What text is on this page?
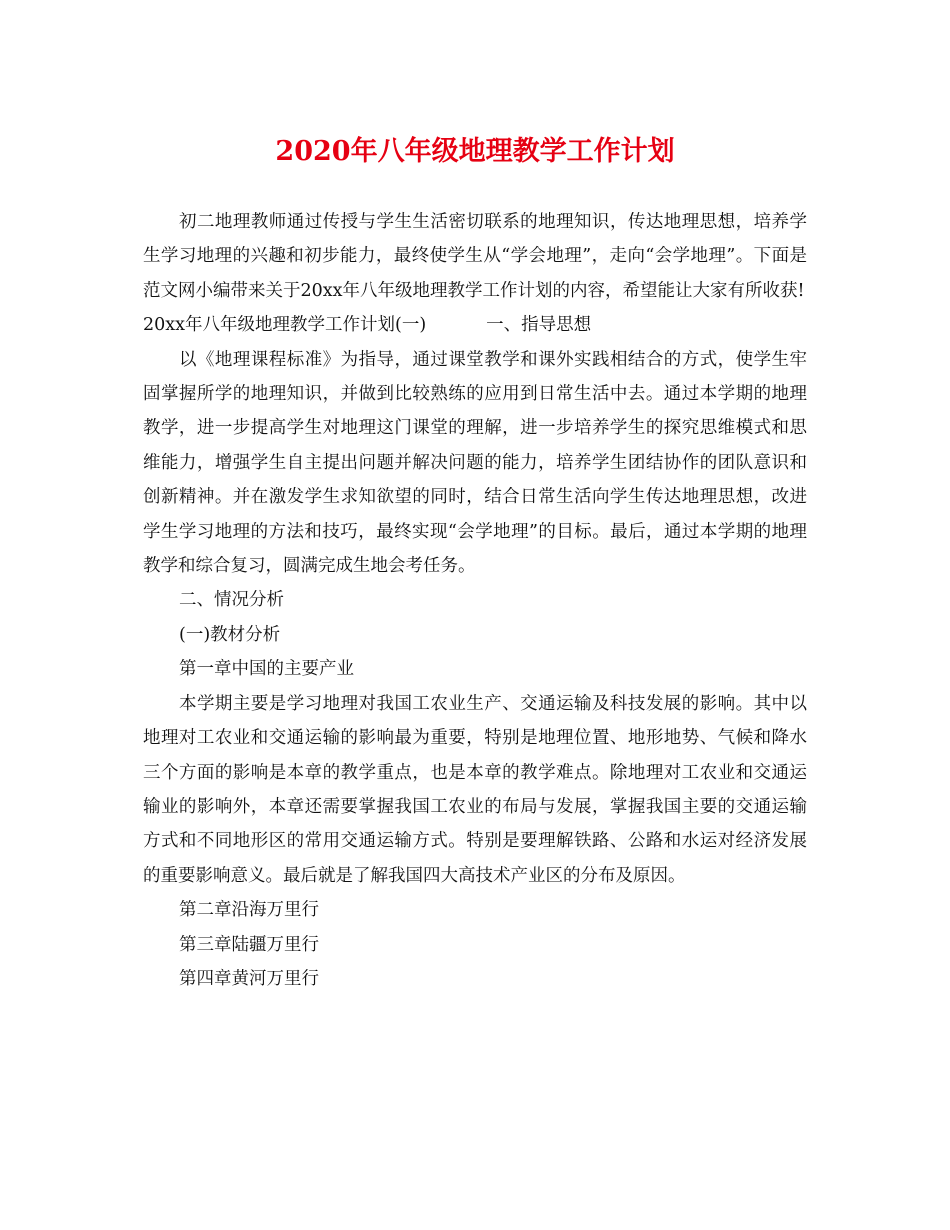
2020年八年级地理教学工作计划

初二地理教师通过传授与学生生活密切联系的地理知识，传达地理思想，培养学生学习地理的兴趣和初步能力，最终使学生从“学会地理”，走向“会学地理”。下面是范文网小编带来关于20xx年八年级地理教学工作计划的内容，希望能让大家有所收获!

20xx年八年级地理教学工作计划(一)	一、指导思想

以《地理课程标准》为指导，通过课堂教学和课外实践相结合的方式，使学生牢固掌握所学的地理知识，并做到比较熟练的应用到日常生活中去。通过本学期的地理教学，进一步提高学生对地理这门课堂的理解，进一步培养学生的探究思维模式和思维能力，增强学生自主提出问题并解决问题的能力，培养学生团结协作的团队意识和创新精神。并在激发学生求知欲望的同时，结合日常生活向学生传达地理思想，改进学生学习地理的方法和技巧，最终实现“会学地理”的目标。最后，通过本学期的地理教学和综合复习，圆满完成生地会考任务。

二、情况分析

(一)教材分析

第一章中国的主要产业

本学期主要是学习地理对我国工农业生产、交通运输及科技发展的影响。其中以地理对工农业和交通运输的影响最为重要，特别是地理位置、地形地势、气候和降水三个方面的影响是本章的教学重点，也是本章的教学难点。除地理对工农业和交通运输业的影响外，本章还需要掌握我国工农业的布局与发展，掌握我国主要的交通运输方式和不同地形区的常用交通运输方式。特别是要理解铁路、公路和水运对经济发展的重要影响意义。最后就是了解我国四大高技术产业区的分布及原因。

第二章沿海万里行

第三章陆疆万里行

第四章黄河万里行
